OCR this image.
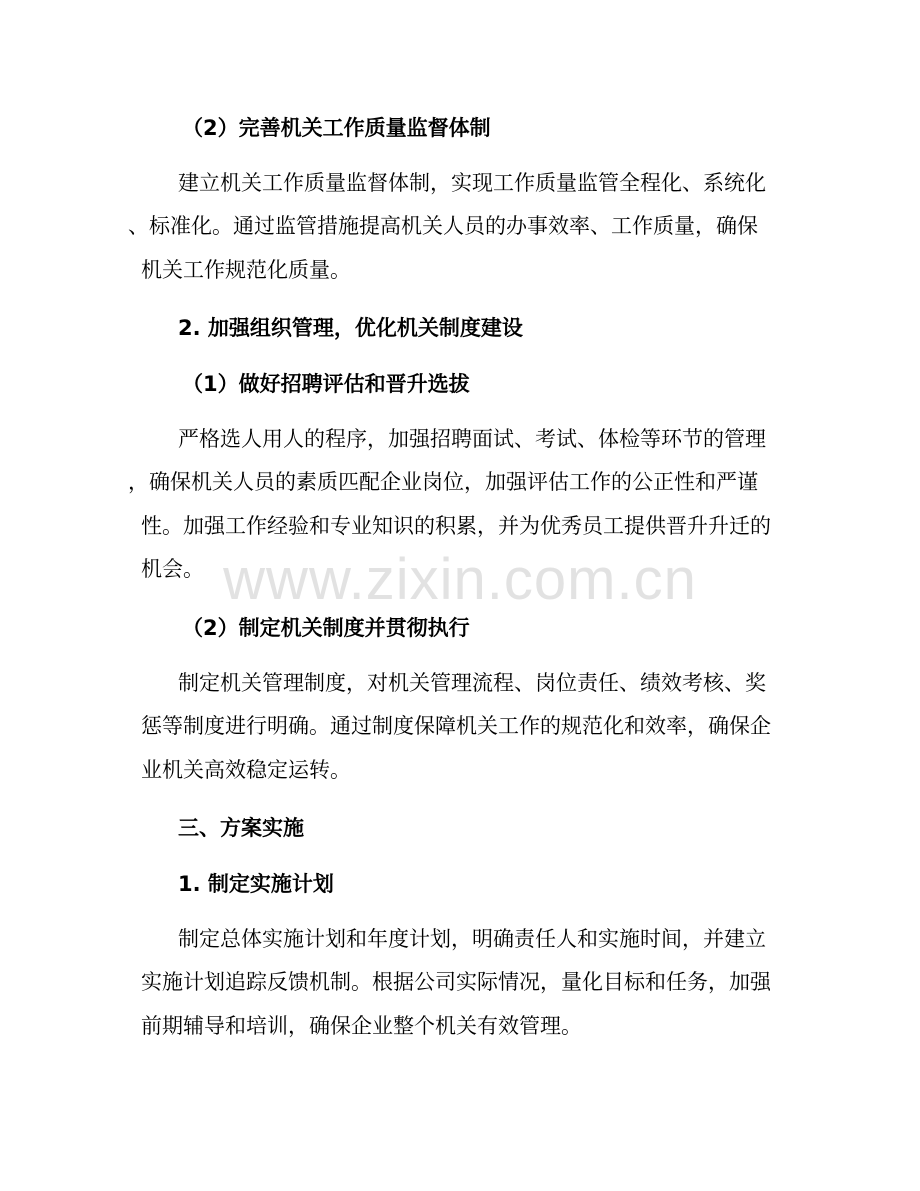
（2）完善机关工作质量监督体制
建立机关工作质量监督体制，实现工作质量监管全程化、系统化
、标准化。通过监管措施提高机关人员的办事效率、工作质量，确保
机关工作规范化质量。
2. 加强组织管理，优化机关制度建设
（1）做好招聘评估和晋升选拔
严格选人用人的程序，加强招聘面试、考试、体检等环节的管理
，确保机关人员的素质匹配企业岗位，加强评估工作的公正性和严谨
性。加强工作经验和专业知识的积累，并为优秀员工提供晋升升迁的
机会。
（2）制定机关制度并贯彻执行
制定机关管理制度，对机关管理流程、岗位责任、绩效考核、奖
惩等制度进行明确。通过制度保障机关工作的规范化和效率，确保企
业机关高效稳定运转。
三、方案实施
1. 制定实施计划
制定总体实施计划和年度计划，明确责任人和实施时间，并建立
实施计划追踪反馈机制。根据公司实际情况，量化目标和任务，加强
前期辅导和培训，确保企业整个机关有效管理。
www.zixin.com.cn
